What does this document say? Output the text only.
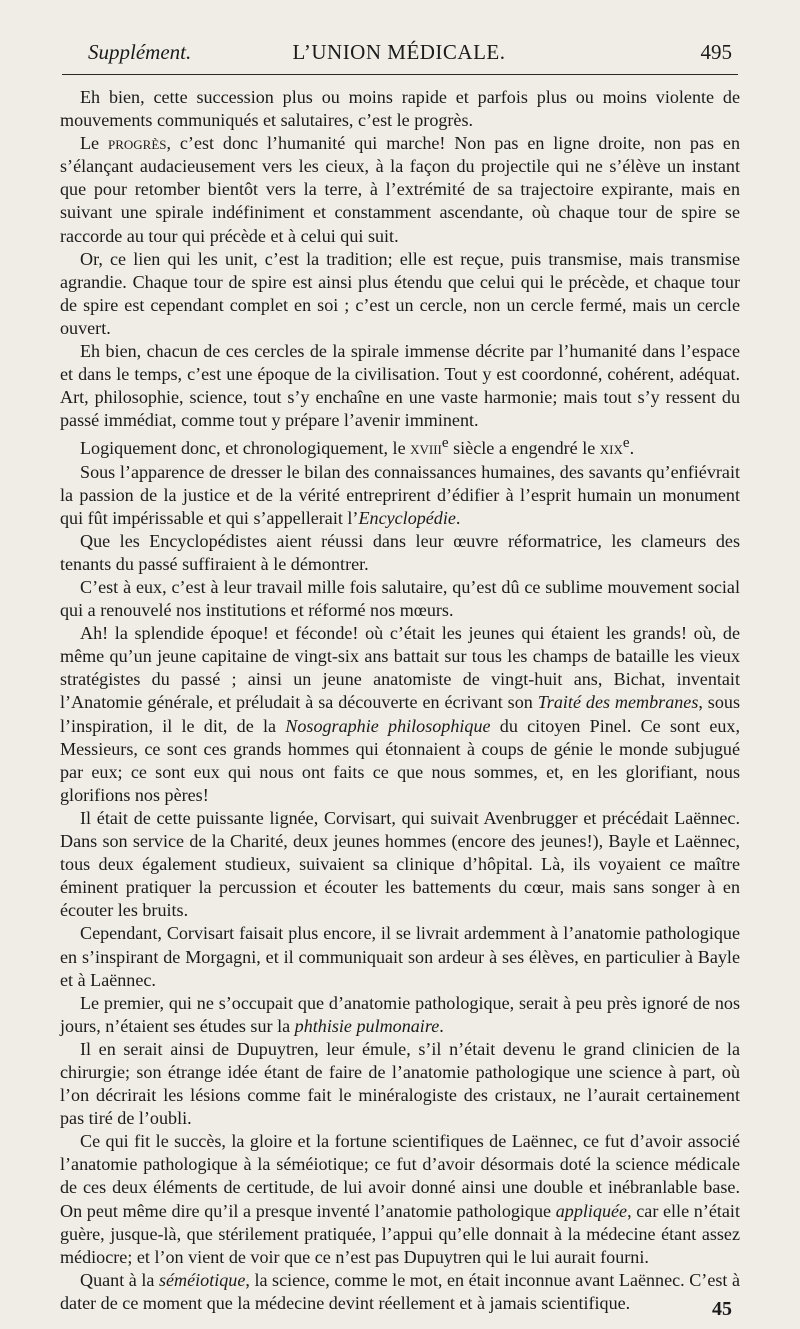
Supplément.	L’UNION MÉDICALE.	495

Eh bien, cette succession plus ou moins rapide et parfois plus ou moins violente de mouvements communiqués et salutaires, c’est le progrès.

Le progrès, c’est donc l’humanité qui marche! Non pas en ligne droite, non pas en s’élançant audacieusement vers les cieux, à la façon du projectile qui ne s’élève un instant que pour retomber bientôt vers la terre, à l’extrémité de sa trajectoire expirante, mais en suivant une spirale indéfiniment et constamment ascendante, où chaque tour de spire se raccorde au tour qui précède et à celui qui suit.

Or, ce lien qui les unit, c’est la tradition; elle est reçue, puis transmise, mais transmise agrandie. Chaque tour de spire est ainsi plus étendu que celui qui le précède, et chaque tour de spire est cependant complet en soi ; c’est un cercle, non un cercle fermé, mais un cercle ouvert.

Eh bien, chacun de ces cercles de la spirale immense décrite par l’humanité dans l’espace et dans le temps, c’est une époque de la civilisation. Tout y est coordonné, cohérent, adéquat. Art, philosophie, science, tout s’y enchaîne en une vaste harmonie; mais tout s’y ressent du passé immédiat, comme tout y prépare l’avenir imminent.

Logiquement donc, et chronologiquement, le xviii$^e$ siècle a engendré le xix$^e$.

Sous l’apparence de dresser le bilan des connaissances humaines, des savants qu’enfiévrait la passion de la justice et de la vérité entreprirent d’édifier à l’esprit humain un monument qui fût impérissable et qui s’appellerait l’Encyclopédie.

Que les Encyclopédistes aient réussi dans leur œuvre réformatrice, les clameurs des tenants du passé suffiraient à le démontrer.

C’est à eux, c’est à leur travail mille fois salutaire, qu’est dû ce sublime mouvement social qui a renouvelé nos institutions et réformé nos mœurs.

Ah! la splendide époque! et féconde! où c’était les jeunes qui étaient les grands! où, de même qu’un jeune capitaine de vingt-six ans battait sur tous les champs de bataille les vieux stratégistes du passé ; ainsi un jeune anatomiste de vingt-huit ans, Bichat, inventait l’Anatomie générale, et préludait à sa découverte en écrivant son Traité des membranes, sous l’inspiration, il le dit, de la Nosographie philosophique du citoyen Pinel. Ce sont eux, Messieurs, ce sont ces grands hommes qui étonnaient à coups de génie le monde subjugué par eux; ce sont eux qui nous ont faits ce que nous sommes, et, en les glorifiant, nous glorifions nos pères!

Il était de cette puissante lignée, Corvisart, qui suivait Avenbrugger et précédait Laënnec. Dans son service de la Charité, deux jeunes hommes (encore des jeunes!), Bayle et Laënnec, tous deux également studieux, suivaient sa clinique d’hôpital. Là, ils voyaient ce maître éminent pratiquer la percussion et écouter les battements du cœur, mais sans songer à en écouter les bruits.

Cependant, Corvisart faisait plus encore, il se livrait ardemment à l’anatomie pathologique en s’inspirant de Morgagni, et il communiquait son ardeur à ses élèves, en particulier à Bayle et à Laënnec.

Le premier, qui ne s’occupait que d’anatomie pathologique, serait à peu près ignoré de nos jours, n’étaient ses études sur la phthisie pulmonaire.

Il en serait ainsi de Dupuytren, leur émule, s’il n’était devenu le grand clinicien de la chirurgie; son étrange idée étant de faire de l’anatomie pathologique une science à part, où l’on décrirait les lésions comme fait le minéralogiste des cristaux, ne l’aurait certainement pas tiré de l’oubli.

Ce qui fit le succès, la gloire et la fortune scientifiques de Laënnec, ce fut d’avoir associé l’anatomie pathologique à la séméiotique; ce fut d’avoir désormais doté la science médicale de ces deux éléments de certitude, de lui avoir donné ainsi une double et inébranlable base. On peut même dire qu’il a presque inventé l’anatomie pathologique appliquée, car elle n’était guère, jusque-là, que stérilement pratiquée, l’appui qu’elle donnait à la médecine étant assez médiocre; et l’on vient de voir que ce n’est pas Dupuytren qui le lui aurait fourni.

Quant à la séméiotique, la science, comme le mot, en était inconnue avant Laënnec. C’est à dater de ce moment que la médecine devint réellement et à jamais scientifique.	45
